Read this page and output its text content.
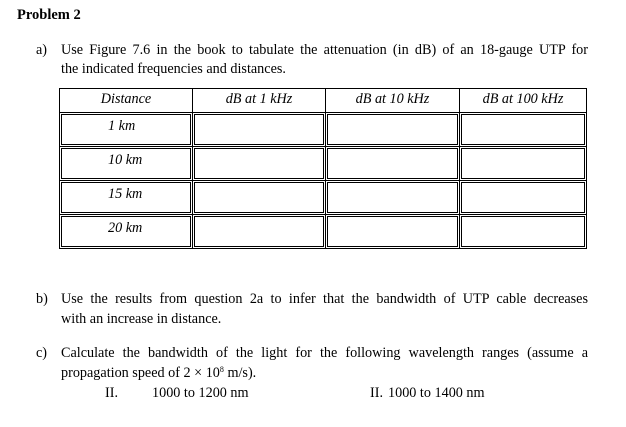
Problem 2
a) Use Figure 7.6 in the book to tabulate the attenuation (in dB) of an 18-gauge UTP for
the indicated frequencies and distances.
Distance	dB at 1 kHz	dB at 10 kHz	dB at 100 kHz

1 km			

10 km			

15 km			

20 km			

b) Use the results from question 2a to infer that the bandwidth of UTP cable decreases
with an increase in distance.
c) Calculate the bandwidth of the light for the following wavelength ranges (assume a
propagation speed of $2 \times 10^8$ m/s).
II. 1000 to 1200 nm	II. 1000 to 1400 nm
